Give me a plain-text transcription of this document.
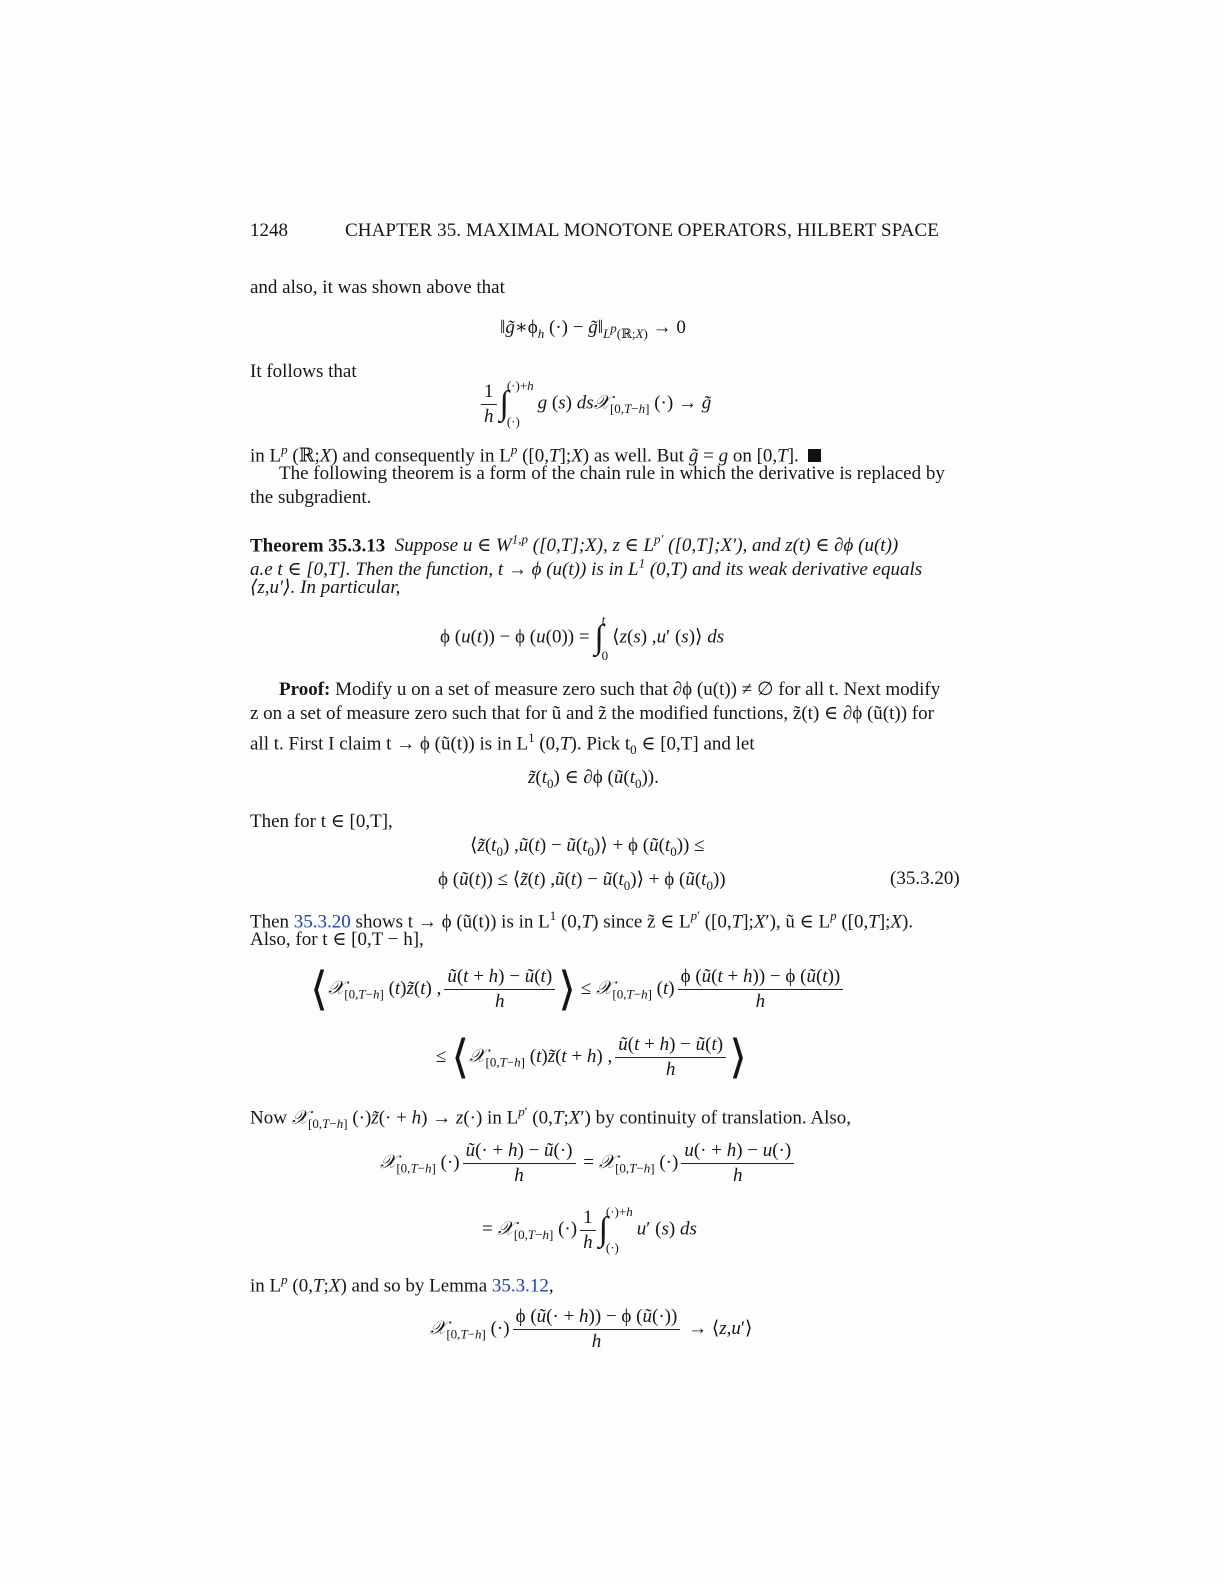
1248	CHAPTER 35. MAXIMAL MONOTONE OPERATORS, HILBERT SPACE
and also, it was shown above that
$‖g̃∗\phi_h$ (·) − $g̃‖_{L^p(ℝ;X)} \to 0$
It follows that
$\frac{1}{h}$ ∫
(·)+h
(·)
g (s) ds𝒳$_{[0,T-h]}$ (·) → g̃
in $L^p$ (ℝ;X) and consequently in $L^p$ ([0,T];X) as well. But g̃ = g on [0,T].
The following theorem is a form of the chain rule in which the derivative is replaced by
the subgradient.
Theorem 35.3.13 Suppose u ∈ W$^{1,p}$ ([0,T];X), z ∈ $L^{p'}$ ([0,T];X′), and z(t) ∈ ∂ϕ (u(t))
a.e t ∈ [0,T]. Then the function, t → ϕ (u(t)) is in $L^1$ (0,T) and its weak derivative equals
⟨z,u′⟩. In particular,
ϕ (u(t)) − ϕ (u(0)) = ∫
t
0
⟨z(s) ,u′ (s)⟩ ds
Proof: Modify u on a set of measure zero such that ∂ϕ (u(t)) ≠ ∅ for all t. Next modify
z on a set of measure zero such that for ũ and z̃ the modified functions, z̃(t) ∈ ∂ϕ (ũ(t)) for
all t. First I claim t → ϕ (ũ(t)) is in $L^1$ (0,T). Pick $t_0$ ∈ [0,T] and let
$z̃(t_0)$ ∈ ∂ϕ $(ũ(t_0))$.
Then for t ∈ [0,T],
$⟨z̃(t_0)$ ,ũ(t) − $ũ(t_0)⟩ + \phi$ $(ũ(t_0))$ ≤
ϕ (ũ(t)) ≤ ⟨z̃(t) ,ũ(t) − $ũ(t_0)⟩ + \phi$ $(ũ(t_0))$	(35.3.20)
Then 35.3.20 shows t → ϕ (ũ(t)) is in $L^1$ (0,T) since z̃ ∈ $L^{p'}$ ([0,T];X′), ũ ∈ $L^p$ ([0,T];X).
Also, for t ∈ [0,T − h],
⟨𝒳$_{[0,T-h]}$ (t)z̃(t) , $\frac{ũ(t + h) - ũ(t)}{h}$ ⟩ ≤ 𝒳$_{[0,T-h]}$ $(t) \frac{\phi (ũ(t + h)) - \phi (ũ(t))}{h}$
≤ ⟨𝒳$_{[0,T-h]}$ (t)z̃(t + h) , $\frac{ũ(t + h) - ũ(t)}{h}$ ⟩
Now 𝒳$_{[0,T-h]}$ (·)z̃(· + h) → z(·) in $L^{p'}$ (0,T;X′) by continuity of translation. Also,
𝒳$_{[0,T-h]}$ (·) $\frac{ũ(\cdot + h) - ũ(\cdot)}{h}$ = 𝒳$_{[0,T-h]}$ (·) $\frac{u(\cdot + h) - u(\cdot)}{h}$
= 𝒳$_{[0,T-h]}$ (·) $\frac{1}{h}$ ∫
(·)+h
(·)
u′ (s) ds
in $L^p$ (0,T;X) and so by Lemma 35.3.12,
𝒳$_{[0,T-h]}$ (·) $\frac{\phi (ũ(\cdot + h)) - \phi (ũ(\cdot))}{h}$ → ⟨z,u′⟩
